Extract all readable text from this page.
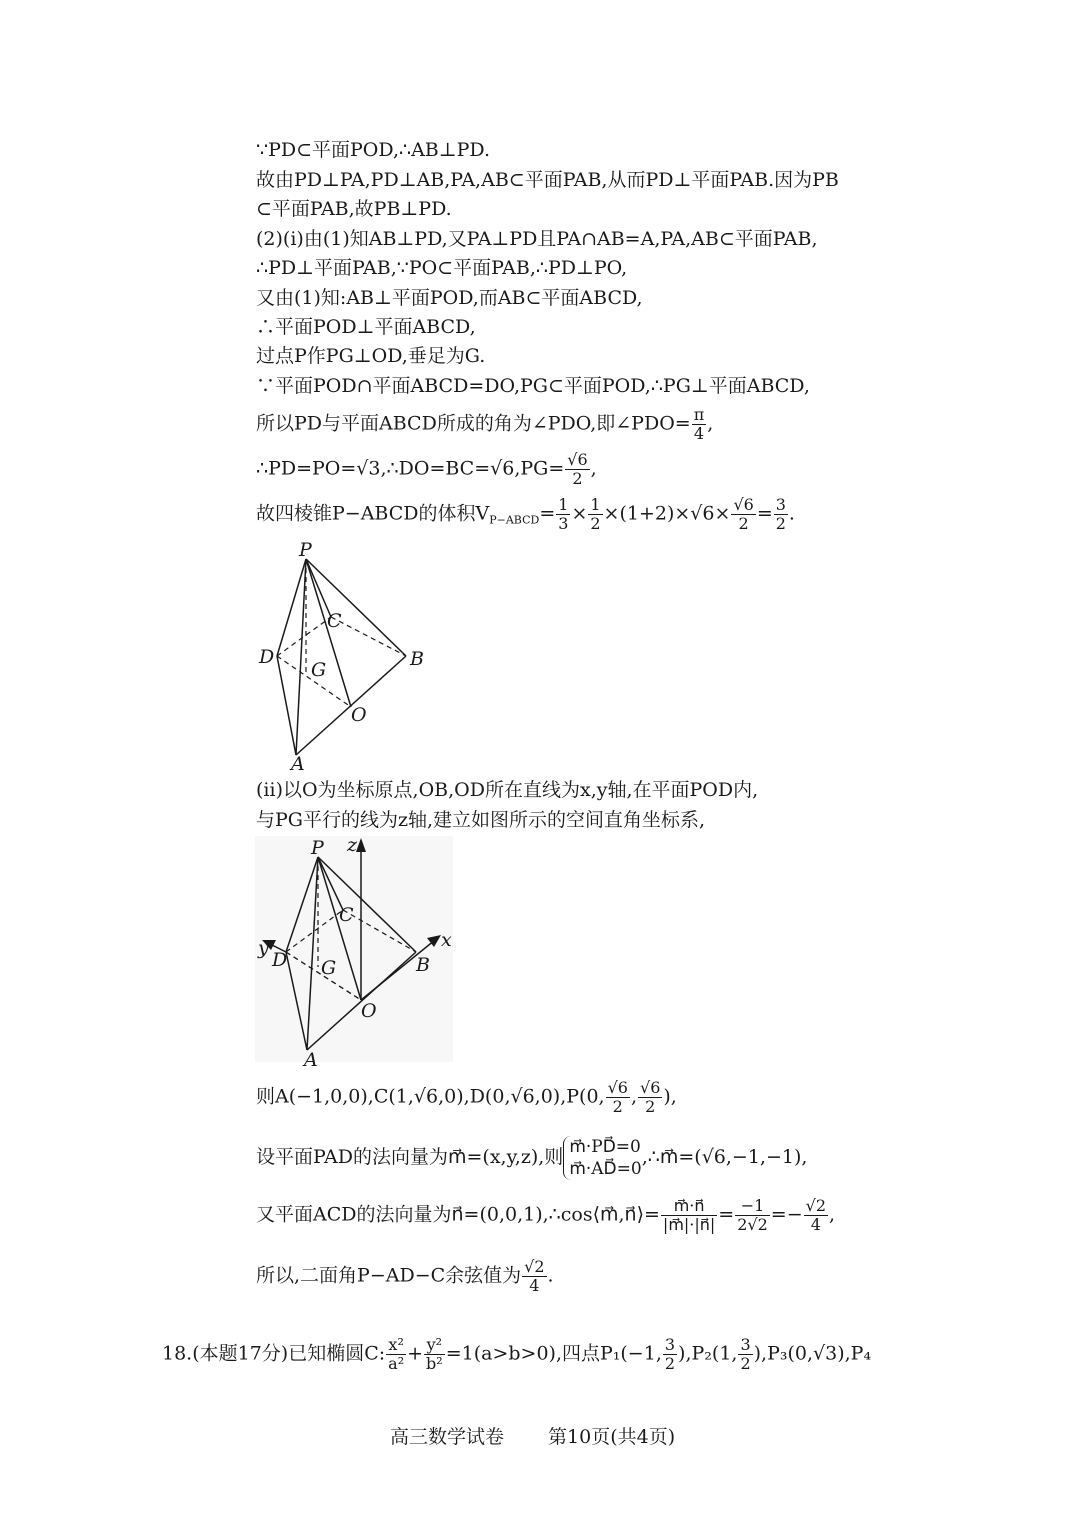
∵PD⊂平面POD,∴AB⊥PD.
故由PD⊥PA,PD⊥AB,PA,AB⊂平面PAB,从而PD⊥平面PAB.因为PB
⊂平面PAB,故PB⊥PD.
(2)(ⅰ)由(1)知AB⊥PD,又PA⊥PD且PA∩AB=A,PA,AB⊂平面PAB,
∴PD⊥平面PAB,∵PO⊂平面PAB,∴PD⊥PO,
又由(1)知:AB⊥平面POD,而AB⊂平面ABCD,
∴平面POD⊥平面ABCD,
过点P作PG⊥OD,垂足为G.
∵平面POD∩平面ABCD=DO,PG⊂平面POD,∴PG⊥平面ABCD,
所以PD与平面ABCD所成的角为∠PDO,即∠PDO= $\frac{\pi}{4}$ ,
∴PD=PO=√3,∴DO=BC=√6,PG= $\frac{√6}{2}$ ,
故四棱锥P−ABCD的体积$V_{P-ABCD}= \frac{1}{3} \times \frac{1}{2} \times(1+2)\times√6\times \frac{√6}{2} = \frac{3}{2}$ .
P
C
D
G	B
O
A
(ⅱ)以O为坐标原点,OB,OD所在直线为x,y轴,在平面POD内,
与PG平行的线为z轴,建立如图所示的空间直角坐标系,
P z
C
y
D G	B
x
O
A
则A(−1,0,0),C(1,√6,0),D(0,√6,0),P(0, $\frac{√6}{2}$ , $\frac{√6}{2}$ ),
设平面PAD的法向量为m⃗=(x,y,z),则 m⃗·PD⃗=0
m⃗·AD⃗=0
,∴m⃗=(√6,−1,−1),
又平面ACD的法向量为n⃗=(0,0,1),∴cos⟨m⃗,n⃗⟩= $\frac{m⃗\cdot n⃗}{|m⃗|\cdot|n⃗|} = \frac{-1}{2√2} =- \frac{√2}{4}$ ,
所以,二面角P−AD−C余弦值为 $\frac{√2}{4}$ .
18.(本题17分)已知椭圆C: $\frac{\text{x²}}{\text{a²}} + \frac{\text{y²}}{\text{b²}} =1(a>b>0)$,四点P₁(−1, $\frac{3}{2} ),P_2(1$, $\frac{3}{2} ),P_3(0,√3),P_4$
高三数学试卷 第10页(共4页)
